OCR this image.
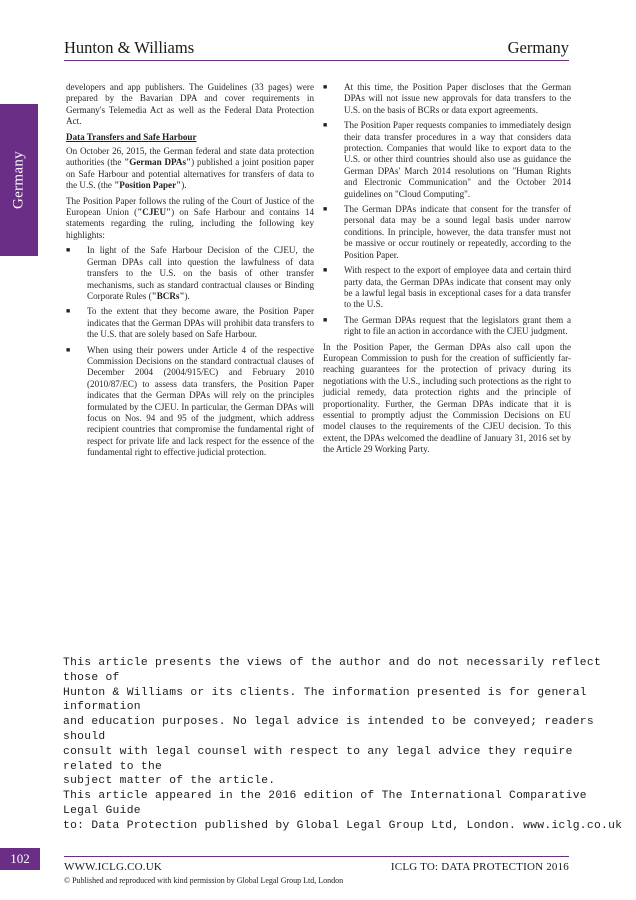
Hunton & Williams	Germany
Germany

developers and app publishers. The Guidelines (33 pages) were prepared by the Bavarian DPA and cover requirements in Germany's Telemedia Act as well as the Federal Data Protection Act.

Data Transfers and Safe Harbour

On October 26, 2015, the German federal and state data protection authorities (the "German DPAs") published a joint position paper on Safe Harbour and potential alternatives for transfers of data to the U.S. (the "Position Paper").

The Position Paper follows the ruling of the Court of Justice of the European Union ("CJEU") on Safe Harbour and contains 14 statements regarding the ruling, including the following key highlights:

■ In light of the Safe Harbour Decision of the CJEU, the German DPAs call into question the lawfulness of data transfers to the U.S. on the basis of other transfer mechanisms, such as standard contractual clauses or Binding Corporate Rules ("BCRs").
■ To the extent that they become aware, the Position Paper indicates that the German DPAs will prohibit data transfers to the U.S. that are solely based on Safe Harbour.
■ When using their powers under Article 4 of the respective Commission Decisions on the standard contractual clauses of December 2004 (2004/915/EC) and February 2010 (2010/87/EC) to assess data transfers, the Position Paper indicates that the German DPAs will rely on the principles formulated by the CJEU. In particular, the German DPAs will focus on Nos. 94 and 95 of the judgment, which address recipient countries that compromise the fundamental right of respect for private life and lack respect for the essence of the fundamental right to effective judicial protection.
■ At this time, the Position Paper discloses that the German DPAs will not issue new approvals for data transfers to the U.S. on the basis of BCRs or data export agreements.
■ The Position Paper requests companies to immediately design their data transfer procedures in a way that considers data protection. Companies that would like to export data to the U.S. or other third countries should also use as guidance the German DPAs' March 2014 resolutions on "Human Rights and Electronic Communication" and the October 2014 guidelines on "Cloud Computing".
■ The German DPAs indicate that consent for the transfer of personal data may be a sound legal basis under narrow conditions. In principle, however, the data transfer must not be massive or occur routinely or repeatedly, according to the Position Paper.
■ With respect to the export of employee data and certain third party data, the German DPAs indicate that consent may only be a lawful legal basis in exceptional cases for a data transfer to the U.S.
■ The German DPAs request that the legislators grant them a right to file an action in accordance with the CJEU judgment.

In the Position Paper, the German DPAs also call upon the European Commission to push for the creation of sufficiently far-reaching guarantees for the protection of privacy during its negotiations with the U.S., including such protections as the right to judicial remedy, data protection rights and the principle of proportionality. Further, the German DPAs indicate that it is essential to promptly adjust the Commission Decisions on EU model clauses to the requirements of the CJEU decision. To this extent, the DPAs welcomed the deadline of January 31, 2016 set by the Article 29 Working Party.

This article presents the views of the author and do not necessarily reflect those of
Hunton & Williams or its clients. The information presented is for general information
and education purposes. No legal advice is intended to be conveyed; readers should
consult with legal counsel with respect to any legal advice they require related to the
subject matter of the article.
This article appeared in the 2016 edition of The International Comparative Legal Guide
to: Data Protection published by Global Legal Group Ltd, London. www.iclg.co.uk
102
WWW.ICLG.CO.UK	ICLG TO: DATA PROTECTION 2016
© Published and reproduced with kind permission by Global Legal Group Ltd, London
